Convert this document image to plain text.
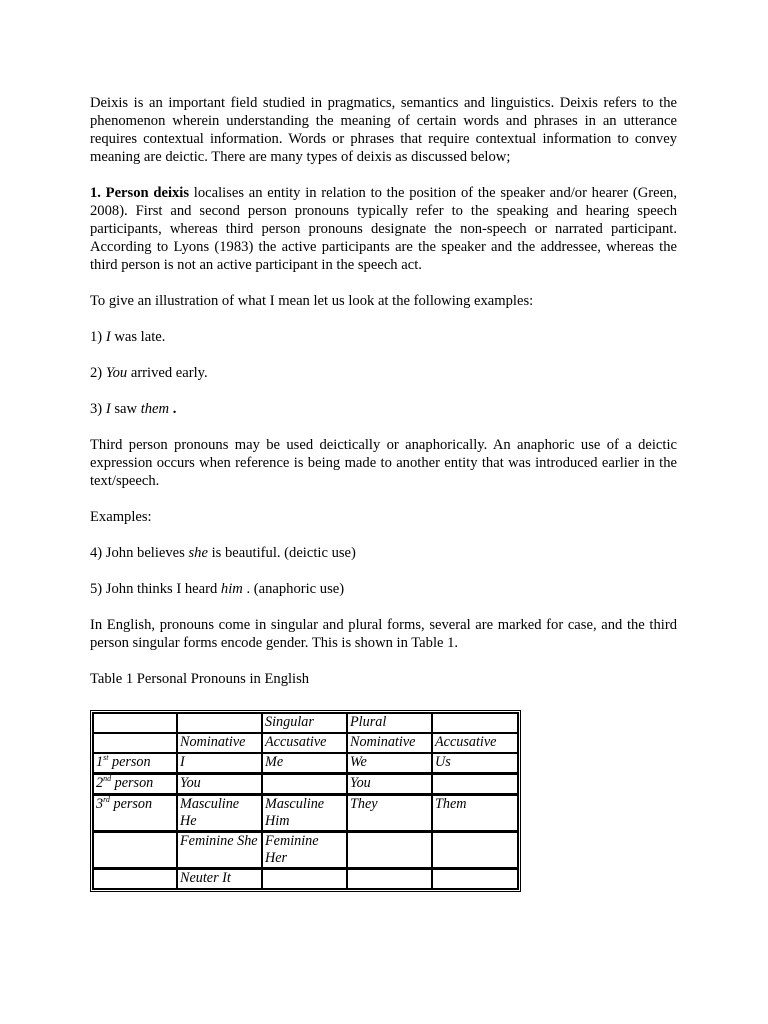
Deixis is an important field studied in pragmatics, semantics and linguistics. Deixis refers to the phenomenon wherein understanding the meaning of certain words and phrases in an utterance requires contextual information. Words or phrases that require contextual information to convey meaning are deictic. There are many types of deixis as discussed below;

1. Person deixis localises an entity in relation to the position of the speaker and/or hearer (Green, 2008). First and second person pronouns typically refer to the speaking and hearing speech participants, whereas third person pronouns designate the non-speech or narrated participant. According to Lyons (1983) the active participants are the speaker and the addressee, whereas the third person is not an active participant in the speech act.

To give an illustration of what I mean let us look at the following examples:

1) I was late.

2) You arrived early.

3) I saw them .

Third person pronouns may be used deictically or anaphorically. An anaphoric use of a deictic expression occurs when reference is being made to another entity that was introduced earlier in the text/speech.

Examples:

4) John believes she is beautiful. (deictic use)

5) John thinks I heard him . (anaphoric use)

In English, pronouns come in singular and plural forms, several are marked for case, and the third person singular forms encode gender. This is shown in Table 1.

Table 1 Personal Pronouns in English
		Singular	Plural	
	Nominative	Accusative	Nominative	Accusative
1st person	I	Me	We	Us
2nd person	You		You	
3rd person	Masculine He	Masculine Him	They	Them
	Feminine She	Feminine Her		
	Neuter It			
